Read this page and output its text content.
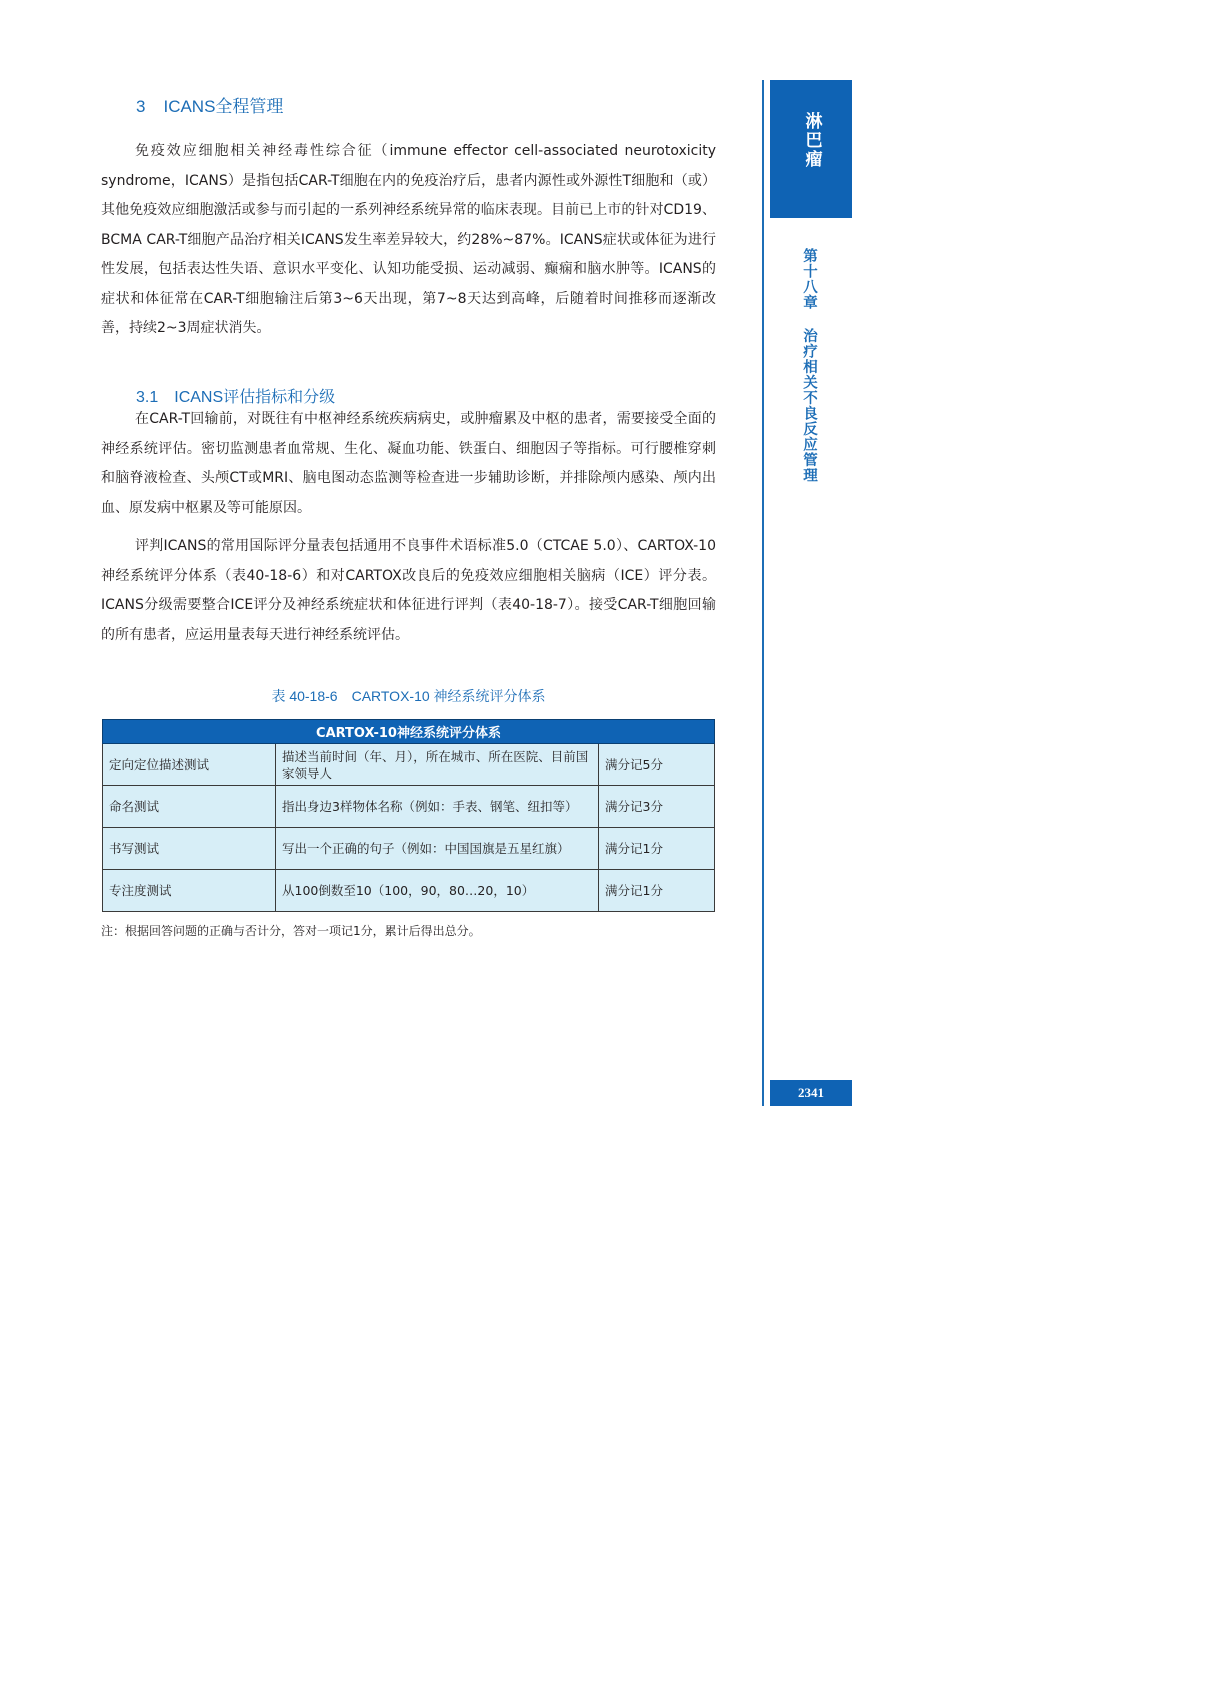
3 ICANS全程管理

免疫效应细胞相关神经毒性综合征（immune effector cell-associated neurotoxicity syndrome，ICANS）是指包括CAR-T细胞在内的免疫治疗后，患者内源性或外源性T细胞和（或）其他免疫效应细胞激活或参与而引起的一系列神经系统异常的临床表现。目前已上市的针对CD19、BCMA CAR-T细胞产品治疗相关ICANS发生率差异较大，约28%~87%。ICANS症状或体征为进行性发展，包括表达性失语、意识水平变化、认知功能受损、运动减弱、癫痫和脑水肿等。ICANS的症状和体征常在CAR-T细胞输注后第3~6天出现，第7~8天达到高峰，后随着时间推移而逐渐改善，持续2~3周症状消失。

3.1 ICANS评估指标和分级

在CAR-T回输前，对既往有中枢神经系统疾病病史，或肿瘤累及中枢的患者，需要接受全面的神经系统评估。密切监测患者血常规、生化、凝血功能、铁蛋白、细胞因子等指标。可行腰椎穿刺和脑脊液检查、头颅CT或MRI、脑电图动态监测等检查进一步辅助诊断，并排除颅内感染、颅内出血、原发病中枢累及等可能原因。

评判ICANS的常用国际评分量表包括通用不良事件术语标准5.0（CTCAE 5.0）、CARTOX-10神经系统评分体系（表40-18-6）和对CARTOX改良后的免疫效应细胞相关脑病（ICE）评分表。ICANS分级需要整合ICE评分及神经系统症状和体征进行评判（表40-18-7）。接受CAR-T细胞回输的所有患者，应运用量表每天进行神经系统评估。

表 40-18-6　CARTOX-10 神经系统评分体系

CARTOX-10神经系统评分体系		
定向定位描述测试	描述当前时间（年、月），所在城市、所在医院、目前国家领导人	满分记5分
命名测试	指出身边3样物体名称（例如：手表、钢笔、纽扣等）	满分记3分
书写测试	写出一个正确的句子（例如：中国国旗是五星红旗）	满分记1分
专注度测试	从100倒数至10（100，90，80…20，10）	满分记1分

注：根据回答问题的正确与否计分，答对一项记1分，累计后得出总分。

淋巴瘤
第十八章治疗相关不良反应管理
2341
